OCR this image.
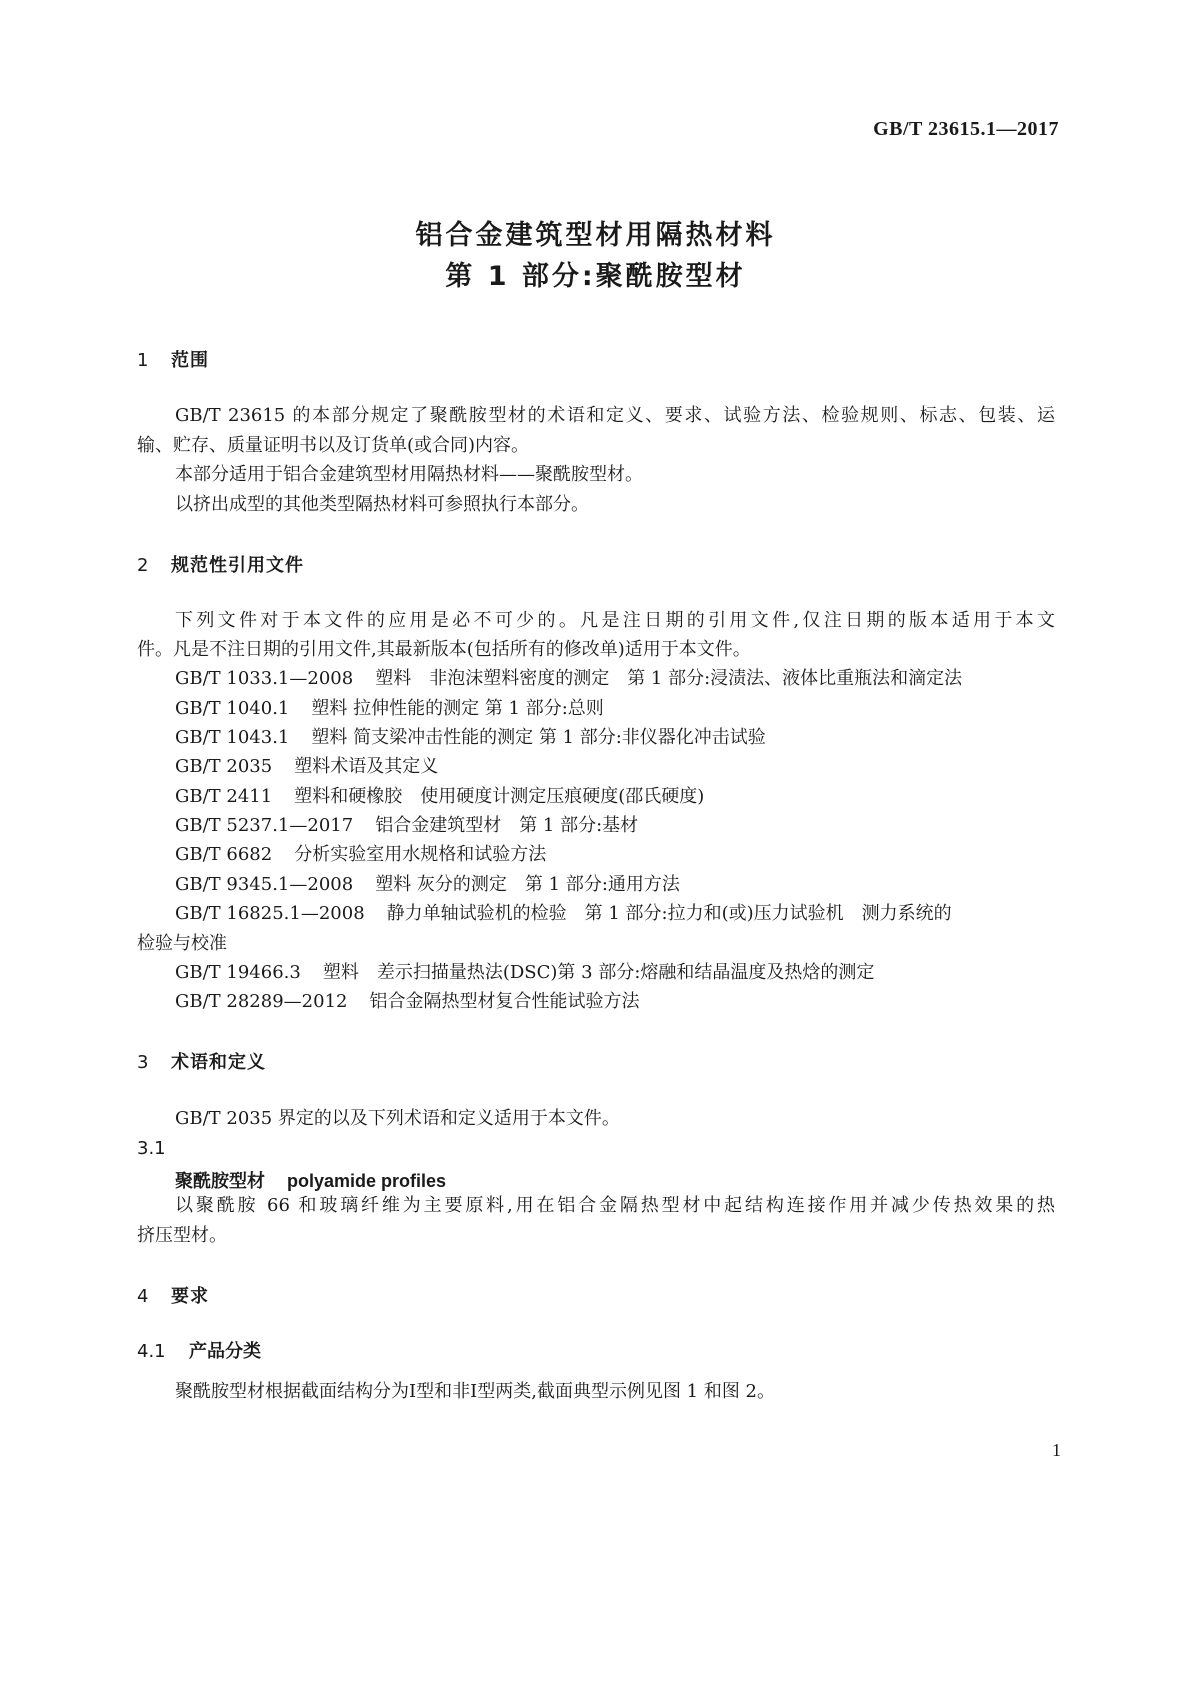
GB/T 23615.1—2017
铝合金建筑型材用隔热材料
第 1 部分:聚酰胺型材
1 范围
GB/T 23615 的本部分规定了聚酰胺型材的术语和定义、要求、试验方法、检验规则、标志、包装、运
输、贮存、质量证明书以及订货单(或合同)内容。
本部分适用于铝合金建筑型材用隔热材料——聚酰胺型材。
以挤出成型的其他类型隔热材料可参照执行本部分。
2 规范性引用文件
下列文件对于本文件的应用是必不可少的。凡是注日期的引用文件,仅注日期的版本适用于本文
件。凡是不注日期的引用文件,其最新版本(包括所有的修改单)适用于本文件。
GB/T 1033.1—2008 塑料　非泡沫塑料密度的测定　第 1 部分:浸渍法、液体比重瓶法和滴定法
GB/T 1040.1 塑料 拉伸性能的测定 第 1 部分:总则
GB/T 1043.1 塑料 简支梁冲击性能的测定 第 1 部分:非仪器化冲击试验
GB/T 2035 塑料术语及其定义
GB/T 2411 塑料和硬橡胶　使用硬度计测定压痕硬度(邵氏硬度)
GB/T 5237.1—2017 铝合金建筑型材　第 1 部分:基材
GB/T 6682 分析实验室用水规格和试验方法
GB/T 9345.1—2008 塑料 灰分的测定　第 1 部分:通用方法
GB/T 16825.1—2008 静力单轴试验机的检验　第 1 部分:拉力和(或)压力试验机　测力系统的
检验与校准
GB/T 19466.3 塑料　差示扫描量热法(DSC)第 3 部分:熔融和结晶温度及热焓的测定
GB/T 28289—2012 铝合金隔热型材复合性能试验方法
3 术语和定义
GB/T 2035 界定的以及下列术语和定义适用于本文件。
3.1
聚酰胺型材 polyamide profiles
以聚酰胺 66 和玻璃纤维为主要原料,用在铝合金隔热型材中起结构连接作用并减少传热效果的热
挤压型材。
4 要求
4.1 产品分类
聚酰胺型材根据截面结构分为Ⅰ型和非Ⅰ型两类,截面典型示例见图 1 和图 2。
1
